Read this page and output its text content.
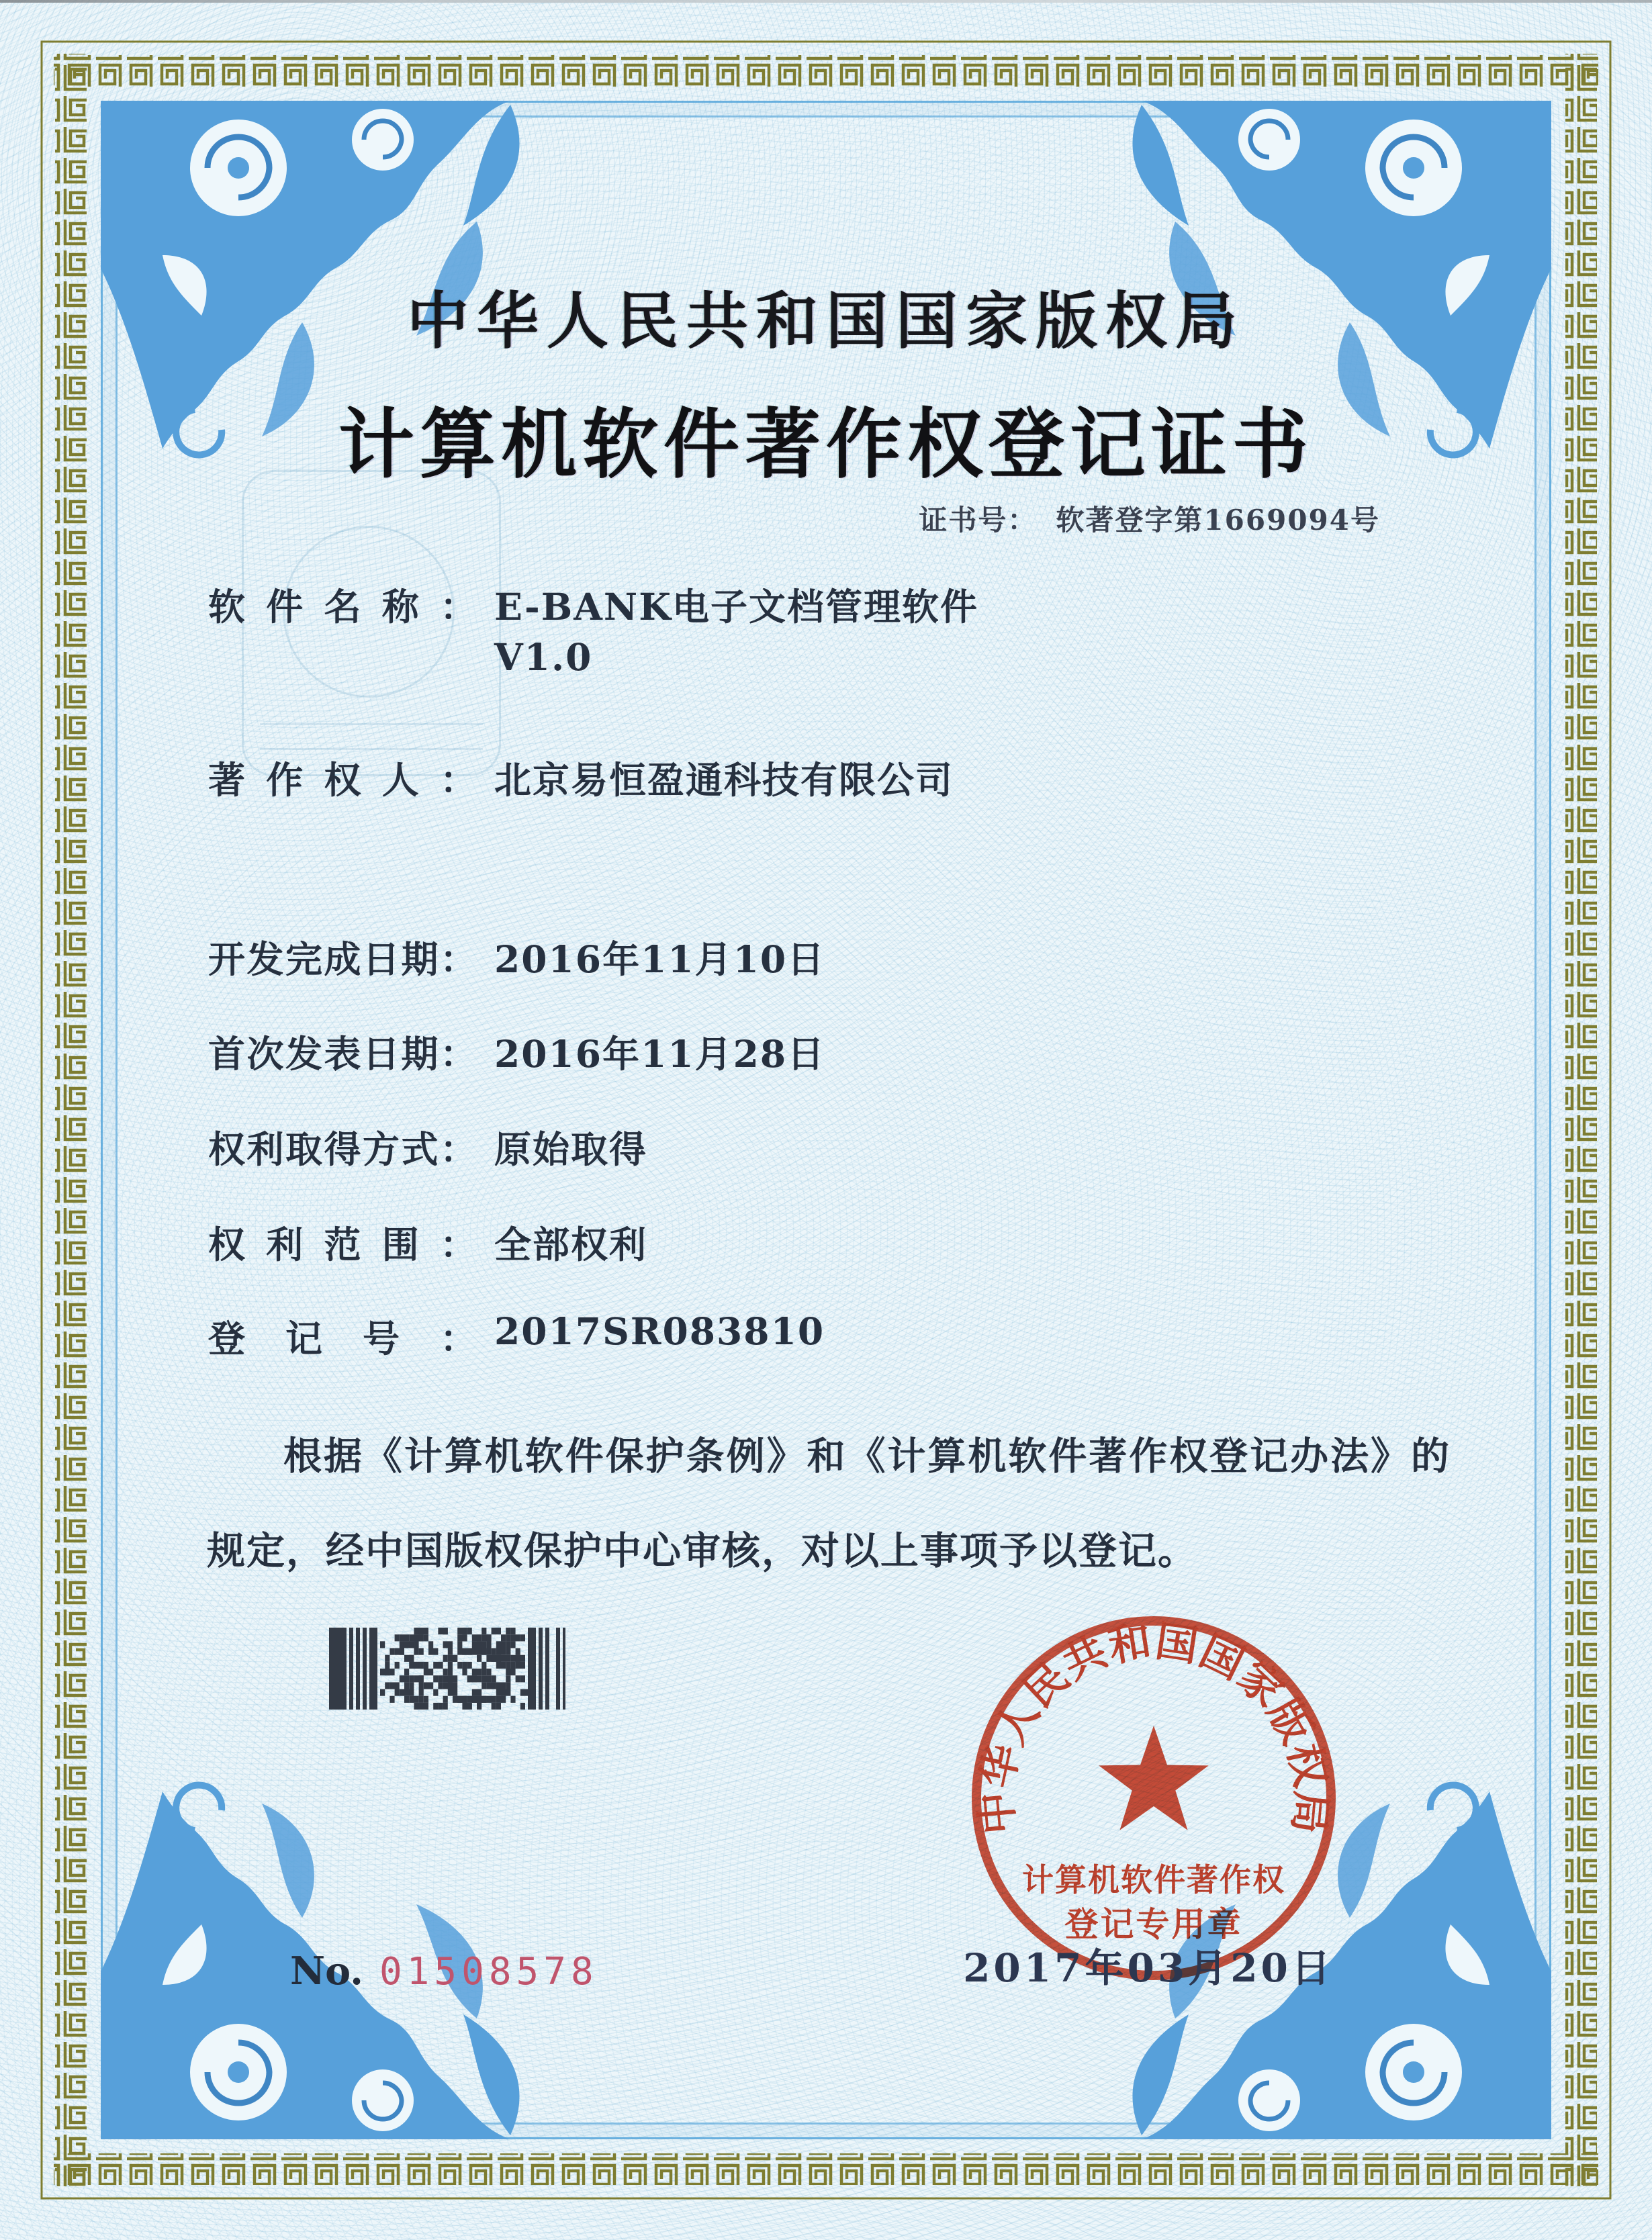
中华人民共和国国家版权局
计算机软件著作权登记证书
证书号： 软著登字第1669094号
软件名称： E-BANK电子文档管理软件
V1.0
著作权人： 北京易恒盈通科技有限公司
开发完成日期： 2016年11月10日
首次发表日期： 2016年11月28日
权利取得方式： 原始取得
权利范围： 全部权利
登记号： 2017SR083810
根据《计算机软件保护条例》和《计算机软件著作权登记办法》的规定，经中国版权保护中心审核，对以上事项予以登记。
中华人民共和国国家版权局
计算机软件著作权
登记专用章
2017年03月20日
No. 01508578
